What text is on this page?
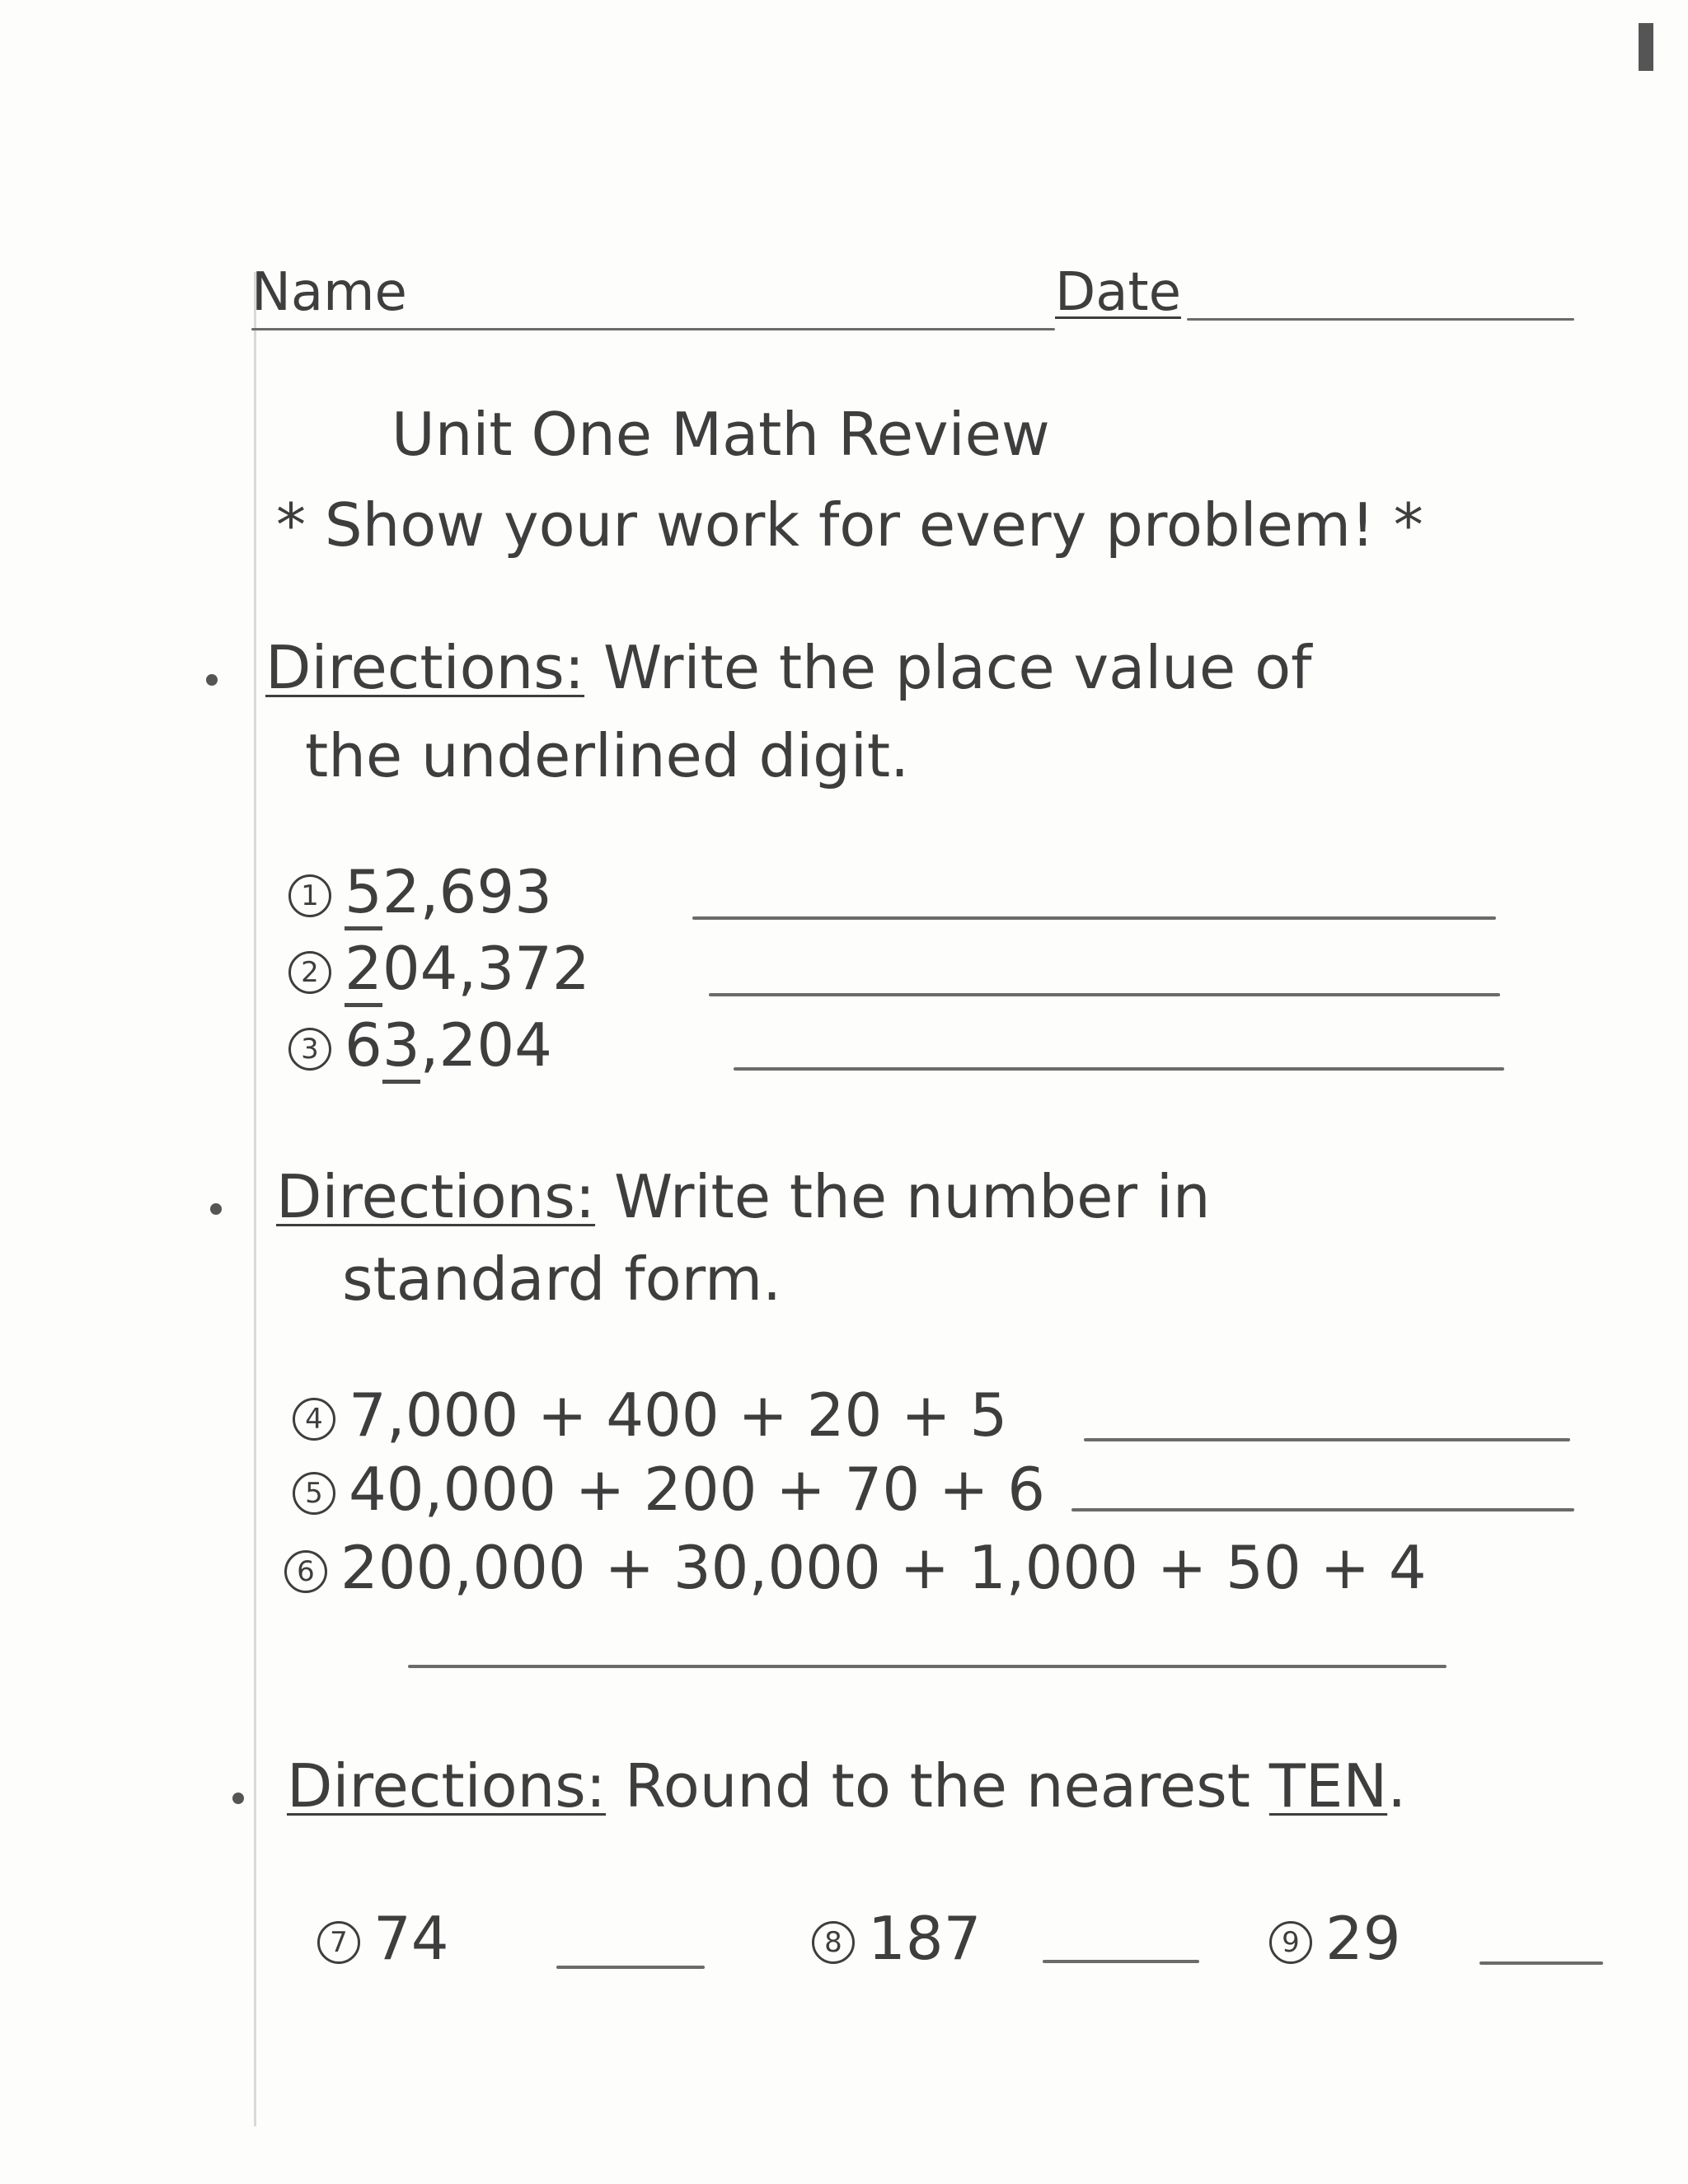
Name	Date
Unit One Math Review
* Show your work for every problem! *
Directions: Write the place value of
the underlined digit.
1 52,693
2 204,372
3 63,204
Directions: Write the number in
standard form.
4 7,000 + 400 + 20 + 5
5 40,000 + 200 + 70 + 6
6 200,000 + 30,000 + 1,000 + 50 + 4
Directions: Round to the nearest TEN.
7 74	8 187	9 29
